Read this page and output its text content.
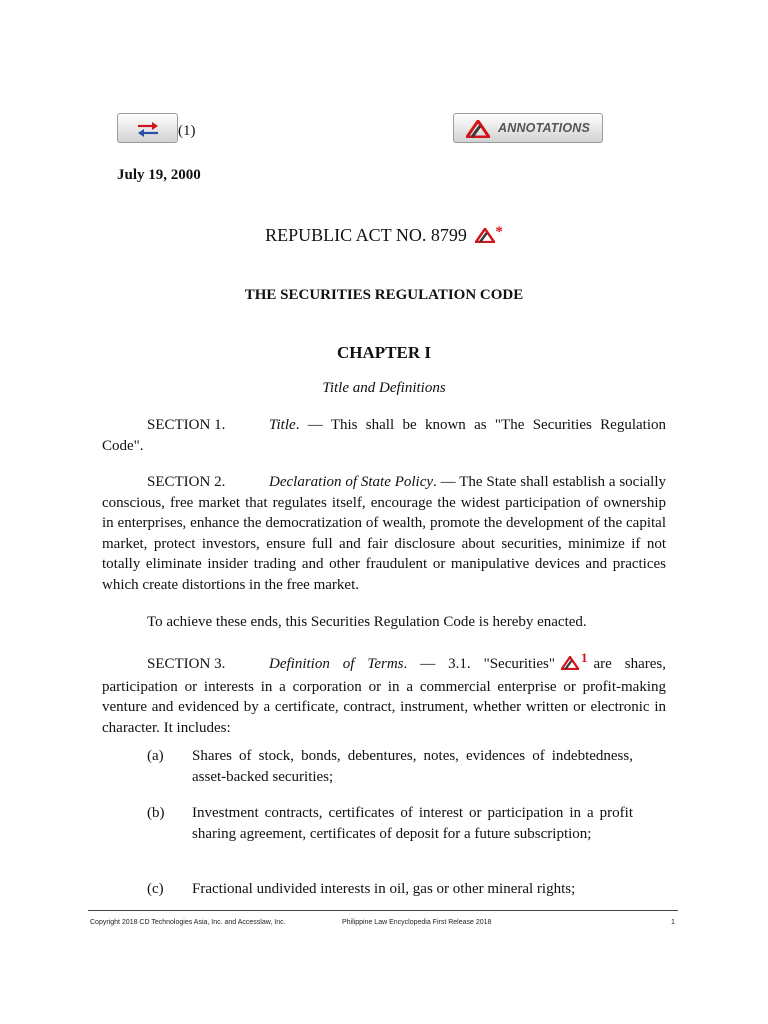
(1)	ANNOTATIONS
July 19, 2000
REPUBLIC ACT NO. 8799 *
THE SECURITIES REGULATION CODE
CHAPTER I
Title and Definitions
SECTION 1.	Title. — This shall be known as "The Securities Regulation Code".
SECTION 2.	Declaration of State Policy. — The State shall establish a socially conscious, free market that regulates itself, encourage the widest participation of ownership in enterprises, enhance the democratization of wealth, promote the development of the capital market, protect investors, ensure full and fair disclosure about securities, minimize if not totally eliminate insider trading and other fraudulent or manipulative devices and practices which create distortions in the free market.
To achieve these ends, this Securities Regulation Code is hereby enacted.
SECTION 3.	Definition of Terms. — 3.1. "Securities" 1 are shares, participation or interests in a corporation or in a commercial enterprise or profit-making venture and evidenced by a certificate, contract, instrument, whether written or electronic in character. It includes:
(a) Shares of stock, bonds, debentures, notes, evidences of indebtedness, asset-backed securities;
(b) Investment contracts, certificates of interest or participation in a profit sharing agreement, certificates of deposit for a future subscription;
(c) Fractional undivided interests in oil, gas or other mineral rights;
Copyright 2018 CD Technologies Asia, Inc. and Accesslaw, Inc.	Philippine Law Encyclopedia First Release 2018	1
